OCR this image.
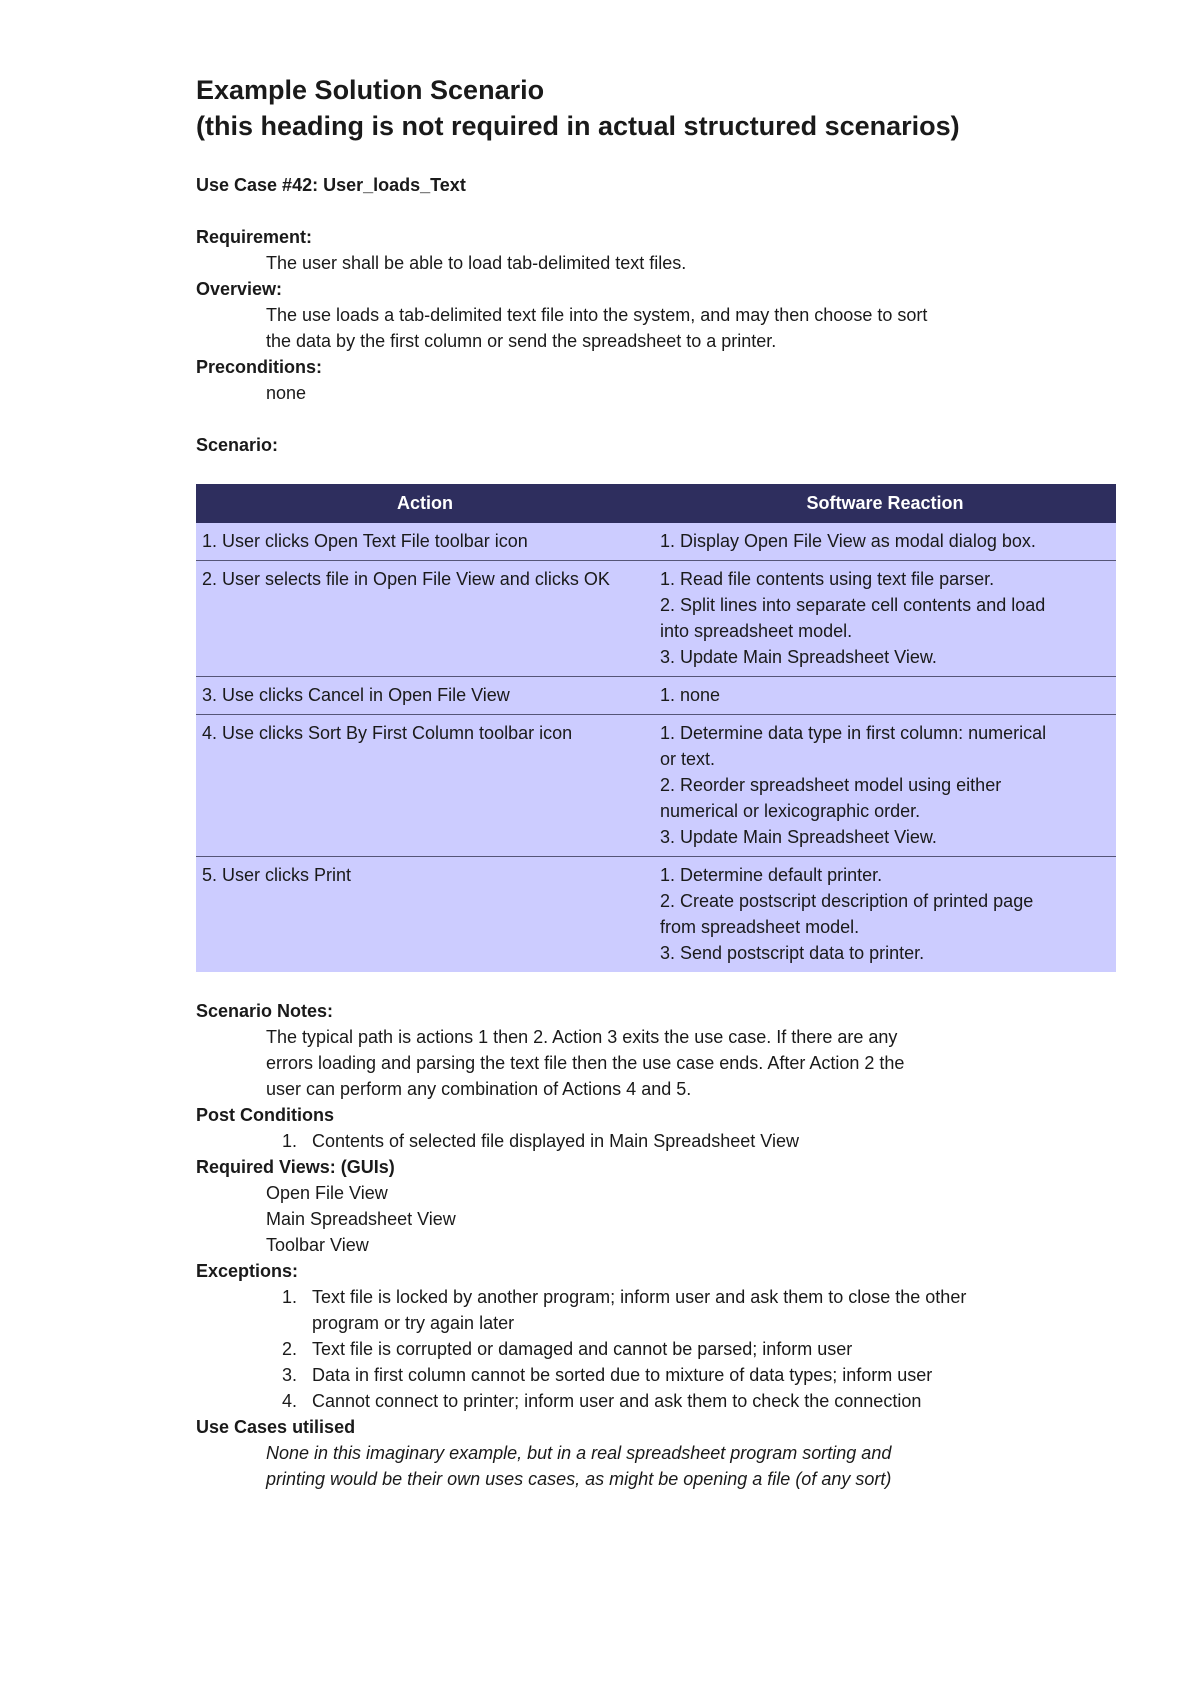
Example Solution Scenario
(this heading is not required in actual structured scenarios)
Use Case #42: User_loads_Text
Requirement:
The user shall be able to load tab-delimited text files.
Overview:
The use loads a tab-delimited text file into the system, and may then choose to sort
the data by the first column or send the spreadsheet to a printer.
Preconditions:
none
Scenario:
Action	Software Reaction
1. User clicks Open Text File toolbar icon	1. Display Open File View as modal dialog box.

2. User selects file in Open File View and clicks OK	1. Read file contents using text file parser.
2. Split lines into separate cell contents and load
into spreadsheet model.
3. Update Main Spreadsheet View.

3. Use clicks Cancel in Open File View	1. none

4. Use clicks Sort By First Column toolbar icon	1. Determine data type in first column: numerical
or text.
2. Reorder spreadsheet model using either
numerical or lexicographic order.
3. Update Main Spreadsheet View.

5. User clicks Print	1. Determine default printer.
2. Create postscript description of printed page
from spreadsheet model.
3. Send postscript data to printer.
Scenario Notes:
The typical path is actions 1 then 2. Action 3 exits the use case. If there are any
errors loading and parsing the text file then the use case ends. After Action 2 the
user can perform any combination of Actions 4 and 5.
Post Conditions
1. Contents of selected file displayed in Main Spreadsheet View
Required Views: (GUIs)
Open File View
Main Spreadsheet View
Toolbar View
Exceptions:
1. Text file is locked by another program; inform user and ask them to close the other program or try again later
2. Text file is corrupted or damaged and cannot be parsed; inform user
3. Data in first column cannot be sorted due to mixture of data types; inform user
4. Cannot connect to printer; inform user and ask them to check the connection
Use Cases utilised
None in this imaginary example, but in a real spreadsheet program sorting and
printing would be their own uses cases, as might be opening a file (of any sort)
